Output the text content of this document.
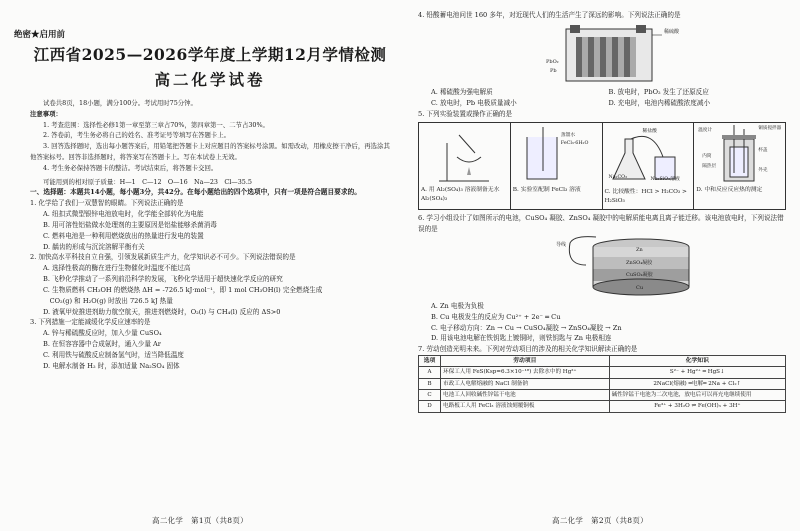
绝密★启用前
江西省2025—2026学年度上学期12月学情检测
高二化学试卷
试卷共8页，18小题，满分100分。考试用时75分钟。
注意事项：
1. 考查范围：选择性必修1第一章至第三章占70%，第四章第一、二节占30%。
2. 答卷前，考生务必将自己的姓名、准考证号等填写在答题卡上。
3. 回答选择题时，选出每小题答案后，用铅笔把答题卡上对应题目的答案标号涂黑。如需改动，用橡皮擦干净后，再选涂其他答案标号。回答非选择题时，将答案写在答题卡上。写在本试卷上无效。
4. 考生务必保持答题卡的整洁。考试结束后，将答题卡交回。
可能用到的相对原子质量：H—1　C—12　O—16　Na—23　Cl—35.5
一、选择题：本题共14小题，每小题3分，共42分。在每小题给出的四个选项中，只有一项是符合题目要求的。
1. 化学给了我们一双慧智的眼睛。下列说法正确的是
A. 纽扣式微型银锌电池放电时，化学能全部转化为电能
B. 用可溶性铝盐做水处理剂的主要原因是铝盐能够杀菌消毒
C. 燃料电池是一种利用燃烧放出的热量进行发电的装置
D. 龋齿的形成与沉淀溶解平衡有关
2. 加快高水平科技自立自强，引领发展新质生产力，化学知识必不可少。下列说法错误的是
A. 选择性极高的酶在进行生物催化时温度不能过高
B. 飞秒化学推动了一系列前沿科学的发展，飞秒化学适用于超快速化学反应的研究
C. 生物质燃料 CH₃OH 的燃烧热 ΔH = -726.5 kJ·mol⁻¹，即 1 mol CH₃OH(l) 完全燃烧生成
　CO₂(g) 和 H₂O(g) 时放出 726.5 kJ 热量
D. 液氧甲烷推进剂助力航空航天，推进剂燃烧时，O₂(l) 与 CH₄(l) 反应的 ΔS>0
3. 下列措施一定能减缓化学反应速率的是
A. 锌与稀硫酸反应时，加入少量 CuSO₄
B. 在恒容容器中合成氨时，通入少量 Ar
C. 利用铁与硫酸反应制备氢气时，适当降低温度
D. 电解水制备 H₂ 时，添加适量 Na₂SO₄ 固体
高二化学　第1页（共8页）
4. 铅酸蓄电池问世 160 多年，对近现代人们的生活产生了深远的影响。下列说法正确的是
稀硫酸
PbO₂
Pb
A. 稀硫酸为强电解质	B. 放电时，PbO₂ 发生了还原反应
C. 放电时，Pb 电极质量减小	D. 充电时，电池内稀硫酸浓度减小
5. 下列实验装置或操作正确的是
A. 用 Al₂(SO₄)₃ 溶液制备无水 Al₂(SO₄)₃
蒸馏水
FeCl₃·6H₂O
B. 实验室配制 FeCl₃ 溶液
稀盐酸
Na₂CO₃	Na₂SiO₃溶液
C. 比较酸性：HCl > H₂CO₃ > H₂SiO₃
温度计	铜质搅拌器
内筒
外壳
隔热层
杯盖
D. 中和反应反应热的测定
6. 学习小组设计了如图所示的电池，CuSO₄ 凝胶、ZnSO₄ 凝胶中的电解质能电离且离子能迁移。该电池放电时，下列说法错误的是
导线
Zn
ZnSO₄凝胶
CuSO₄凝胶
Cu
A. Zn 电极为负极
B. Cu 电极发生的反应为 Cu²⁺ + 2e⁻ ═ Cu
C. 电子移动方向：Zn → Cu → CuSO₄凝胶 → ZnSO₄凝胶 → Zn
D. 用该电池电解在铁钥匙上镀铜时，则铁钥匙与 Zn 电极相连
7. 劳动创造光明未来。下列对劳动项目的涉及的相关化学知识解读正确的是
选项	劳动项目	化学知识
A	环保工人用 FeS(Ksp=6.3×10⁻¹⁸) 去除水中的 Hg²⁺	S²⁻ + Hg²⁺ ═ HgS↓
B	市政工人电解熔融的 NaCl 制备钠	2NaCl(熔融) ═电解═ 2Na + Cl₂↑
C	电池工人回收碱性锌锰干电池	碱性锌锰干电池为二次电池，放电后可以再充电继续使用
D	电路板工人用 FeCl₃ 溶液蚀刻覆铜板	Fe³⁺ + 3H₂O ⇌ Fe(OH)₃ + 3H⁺
高二化学　第2页（共8页）
